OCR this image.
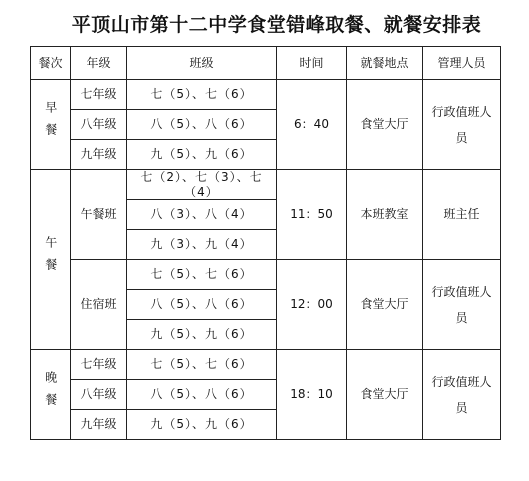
平顶山市第十二中学食堂错峰取餐、就餐安排表
餐次	年级	班级	时间	就餐地点	管理人员
早餐	七年级	七（5）、七（6）	6：40	食堂大厅	行政值班人员
	八年级	八（5）、八（6）			
	九年级	九（5）、九（6）			
午餐	午餐班	七（2）、七（3）、七（4）	11：50	本班教室	班主任
		八（3）、八（4）			
		九（3）、九（4）			
	住宿班	七（5）、七（6）	12：00	食堂大厅	行政值班人员
		八（5）、八（6）			
		九（5）、九（6）			
晚餐	七年级	七（5）、七（6）	18：10	食堂大厅	行政值班人员
	八年级	八（5）、八（6）			
	九年级	九（5）、九（6）			
